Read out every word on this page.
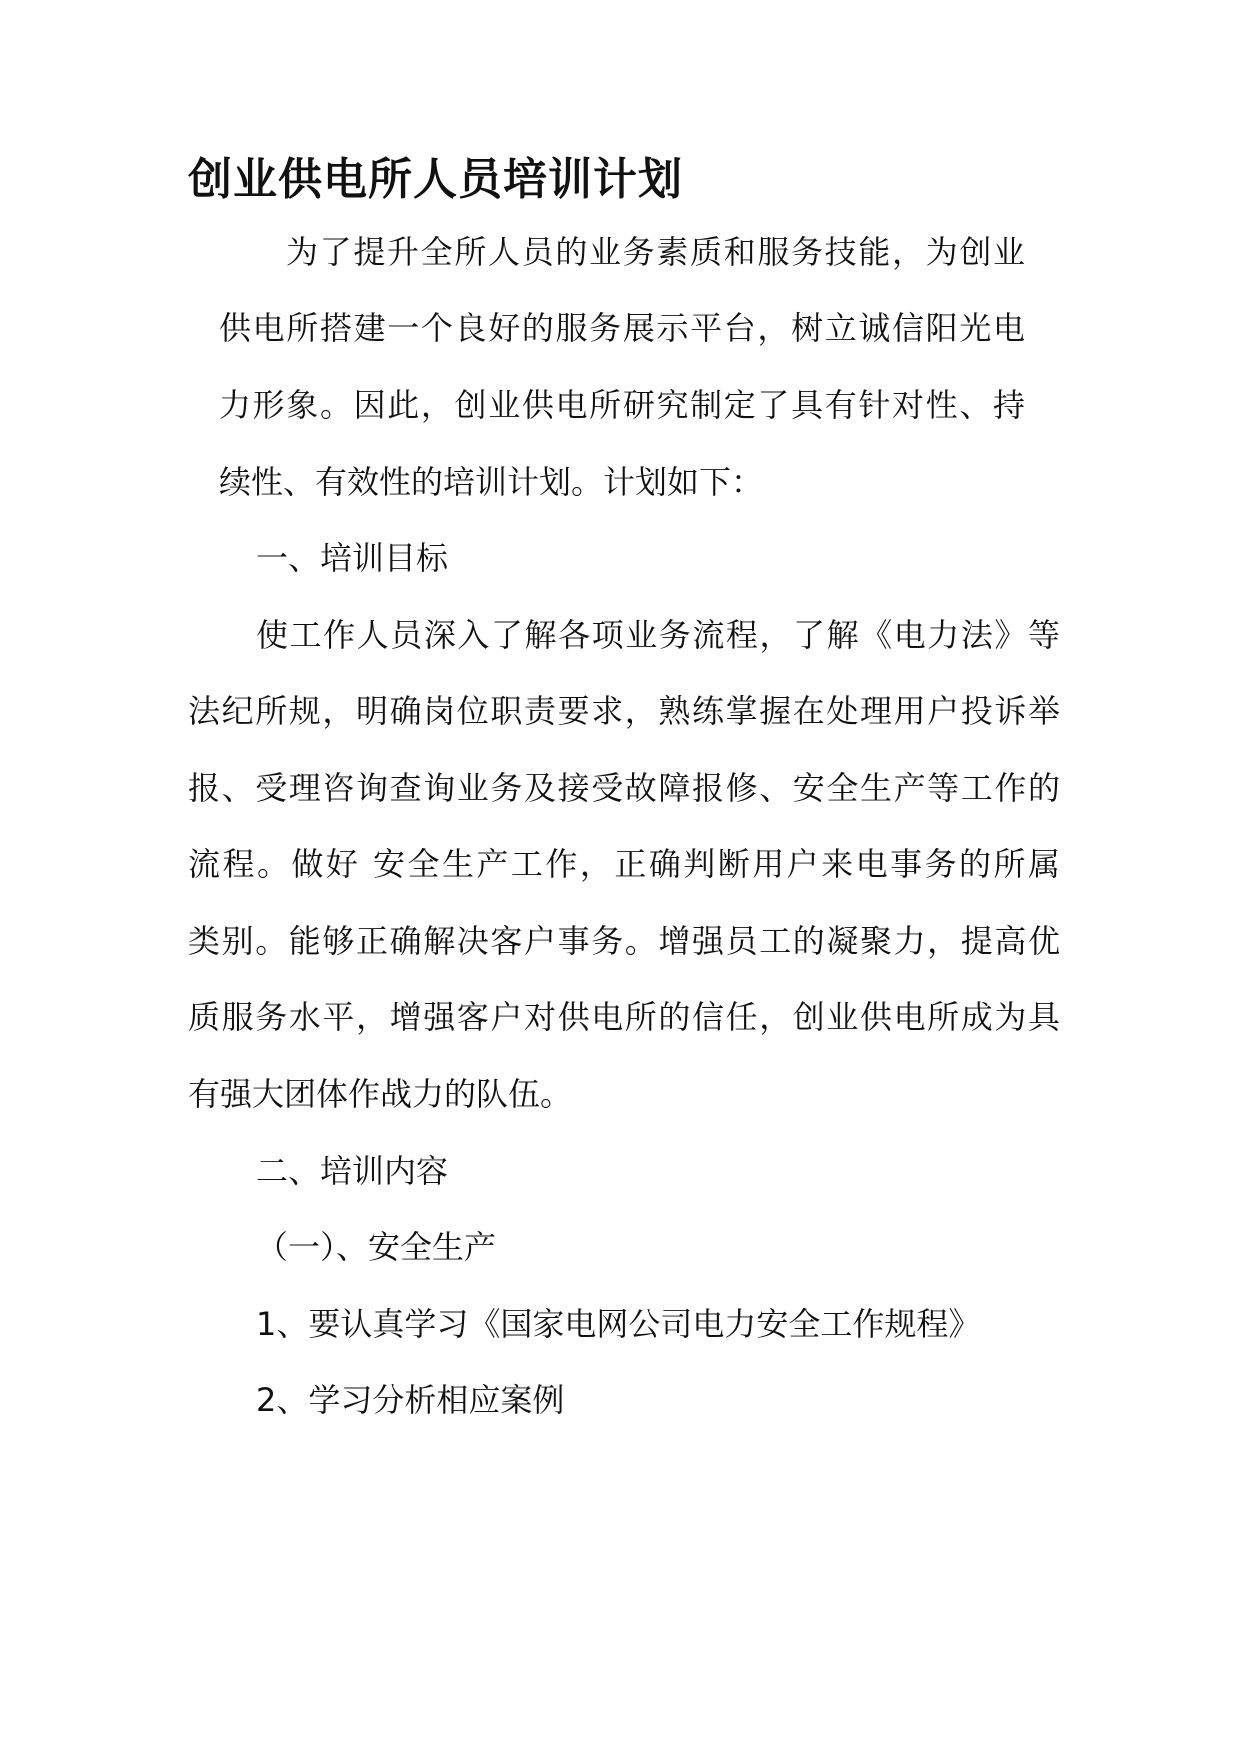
创业供电所人员培训计划

为了提升全所人员的业务素质和服务技能，为创业

供电所搭建一个良好的服务展示平台，树立诚信阳光电

力形象。因此，创业供电所研究制定了具有针对性、持

续性、有效性的培训计划。计划如下：

一、培训目标

使工作人员深入了解各项业务流程，了解《电力法》等

法纪所规，明确岗位职责要求，熟练掌握在处理用户投诉举

报、受理咨询查询业务及接受故障报修、安全生产等工作的

流程。做好 安全生产工作，正确判断用户来电事务的所属

类别。能够正确解决客户事务。增强员工的凝聚力，提高优

质服务水平，增强客户对供电所的信任，创业供电所成为具

有强大团体作战力的队伍。

二、培训内容

（一）、安全生产

1、要认真学习《国家电网公司电力安全工作规程》

2、学习分析相应案例
